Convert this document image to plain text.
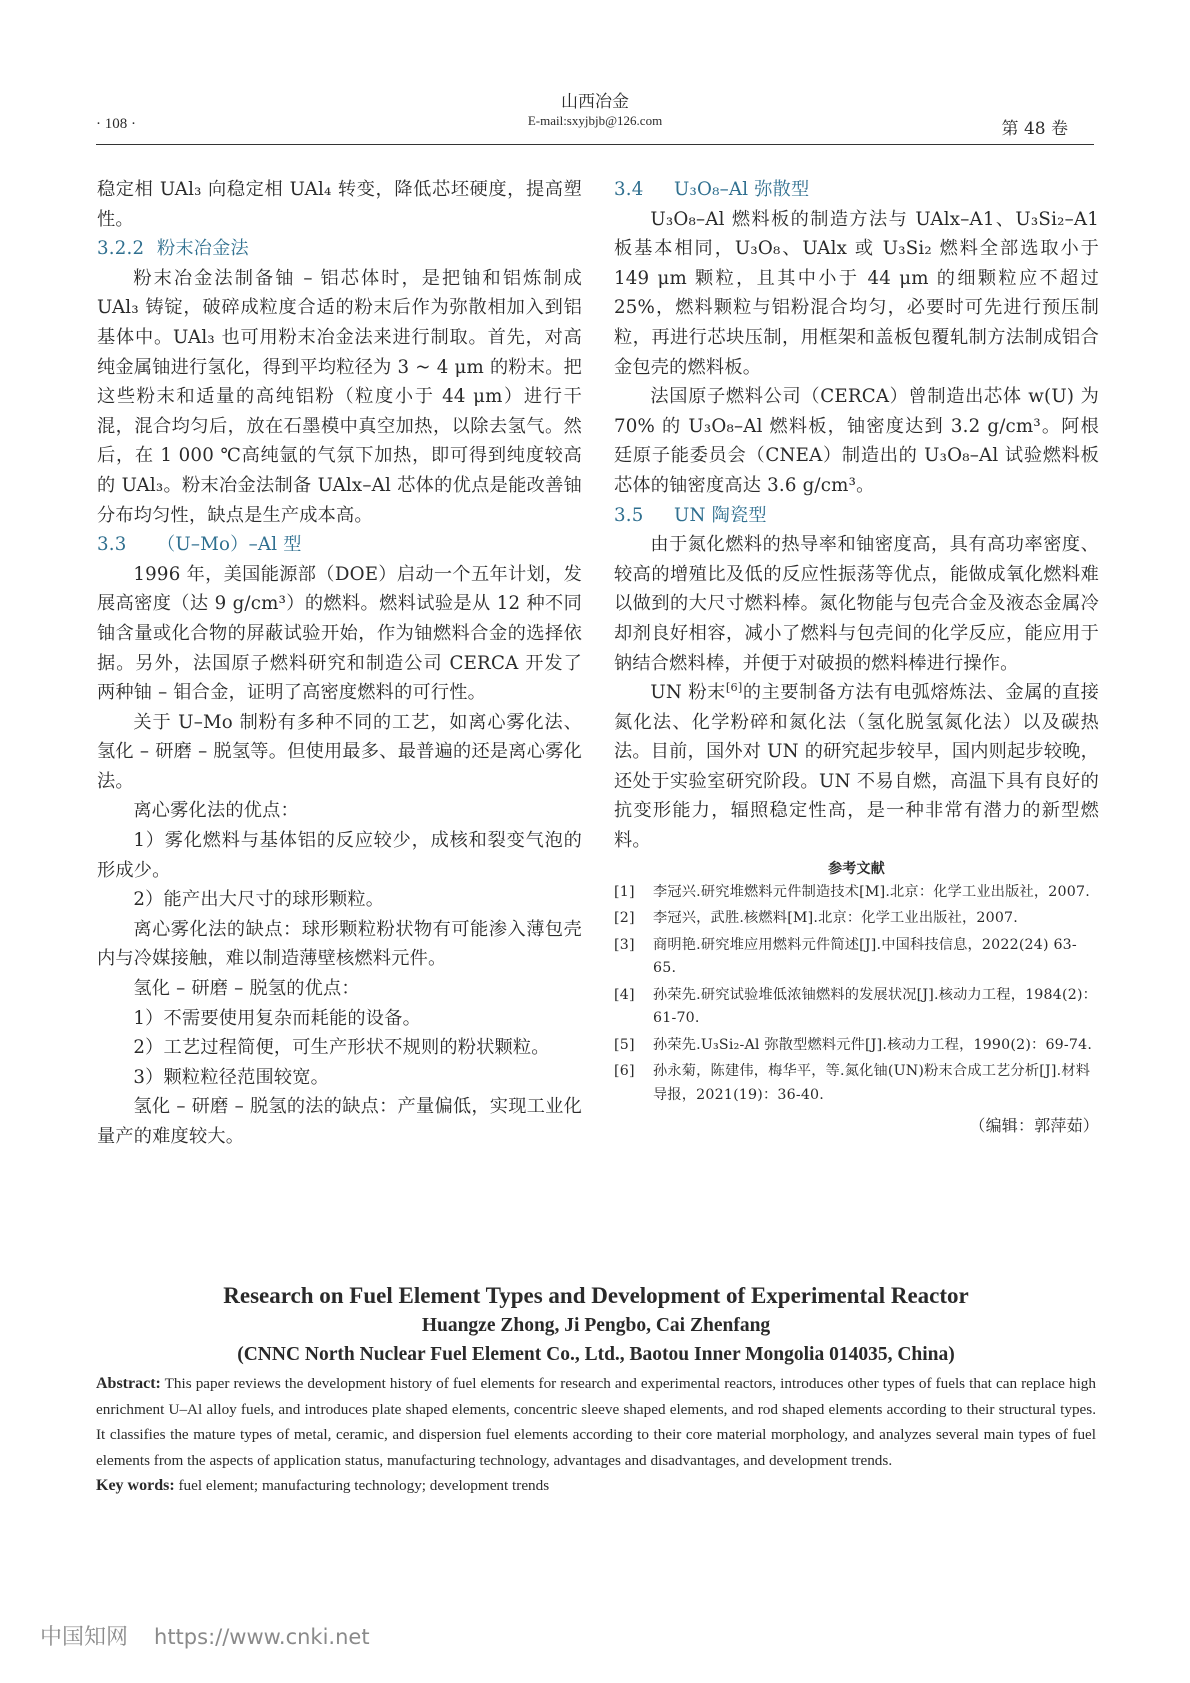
· 108 ·
山西冶金
E-mail:sxyjbjb@126.com	第 48 卷

稳定相 UAl₃ 向稳定相 UAl₄ 转变，降低芯坯硬度，提高塑性。

3.2.2 粉末冶金法

粉末冶金法制备铀 – 铝芯体时，是把铀和铝炼制成 UAl₃ 铸锭，破碎成粒度合适的粉末后作为弥散相加入到铝基体中。UAl₃ 也可用粉末冶金法来进行制取。首先，对高纯金属铀进行氢化，得到平均粒径为 3 ~ 4 μm 的粉末。把这些粉末和适量的高纯铝粉（粒度小于 44 μm）进行干混，混合均匀后，放在石墨模中真空加热，以除去氢气。然后，在 1 000 ℃高纯氩的气氛下加热，即可得到纯度较高的 UAl₃。粉末冶金法制备 UAlx–Al 芯体的优点是能改善铀分布均匀性，缺点是生产成本高。

3.3 （U–Mo）–Al 型

1996 年，美国能源部（DOE）启动一个五年计划，发展高密度（达 9 g/cm³）的燃料。燃料试验是从 12 种不同铀含量或化合物的屏蔽试验开始，作为铀燃料合金的选择依据。另外，法国原子燃料研究和制造公司 CERCA 开发了两种铀 – 钼合金，证明了高密度燃料的可行性。

关于 U–Mo 制粉有多种不同的工艺，如离心雾化法、氢化 – 研磨 – 脱氢等。但使用最多、最普遍的还是离心雾化法。

离心雾化法的优点：

1）雾化燃料与基体铝的反应较少，成核和裂变气泡的形成少。

2）能产出大尺寸的球形颗粒。

离心雾化法的缺点：球形颗粒粉状物有可能渗入薄包壳内与冷媒接触，难以制造薄壁核燃料元件。

氢化 – 研磨 – 脱氢的优点：

1）不需要使用复杂而耗能的设备。

2）工艺过程简便，可生产形状不规则的粉状颗粒。

3）颗粒粒径范围较宽。

氢化 – 研磨 – 脱氢的法的缺点：产量偏低，实现工业化量产的难度较大。

3.4 U₃O₈–Al 弥散型

U₃O₈–Al 燃料板的制造方法与 UAlx–A1、U₃Si₂–A1 板基本相同，U₃O₈、UAlx 或 U₃Si₂ 燃料全部选取小于 149 μm 颗粒，且其中小于 44 μm 的细颗粒应不超过 25%，燃料颗粒与铝粉混合均匀，必要时可先进行预压制粒，再进行芯块压制，用框架和盖板包覆轧制方法制成铝合金包壳的燃料板。

法国原子燃料公司（CERCA）曾制造出芯体 w(U) 为 70% 的 U₃O₈–Al 燃料板，铀密度达到 3.2 g/cm³。阿根廷原子能委员会（CNEA）制造出的 U₃O₈–Al 试验燃料板芯体的铀密度高达 3.6 g/cm³。

3.5 UN 陶瓷型

由于氮化燃料的热导率和铀密度高，具有高功率密度、较高的增殖比及低的反应性振荡等优点，能做成氧化燃料难以做到的大尺寸燃料棒。氮化物能与包壳合金及液态金属冷却剂良好相容，减小了燃料与包壳间的化学反应，能应用于钠结合燃料棒，并便于对破损的燃料棒进行操作。

UN 粉末[6]的主要制备方法有电弧熔炼法、金属的直接氮化法、化学粉碎和氮化法（氢化脱氢氮化法）以及碳热法。目前，国外对 UN 的研究起步较早，国内则起步较晚，还处于实验室研究阶段。UN 不易自燃，高温下具有良好的抗变形能力，辐照稳定性高，是一种非常有潜力的新型燃料。

参考文献
[1]	李冠兴.研究堆燃料元件制造技术[M].北京：化学工业出版社，2007.
[2]	李冠兴，武胜.核燃料[M].北京：化学工业出版社，2007.
[3]	商明艳.研究堆应用燃料元件简述[J].中国科技信息，2022(24) 63-65.
[4]	孙荣先.研究试验堆低浓铀燃料的发展状况[J].核动力工程，1984(2)：61-70.
[5]	孙荣先.U₃Si₂-Al 弥散型燃料元件[J].核动力工程，1990(2)：69-74.
[6]	孙永菊，陈建伟，梅华平，等.氮化铀(UN)粉末合成工艺分析[J].材料导报，2021(19)：36-40.
（编辑：郭萍茹）
Research on Fuel Element Types and Development of Experimental Reactor
Huangze Zhong, Ji Pengbo, Cai Zhenfang
(CNNC North Nuclear Fuel Element Co., Ltd., Baotou Inner Mongolia 014035, China)
Abstract: This paper reviews the development history of fuel elements for research and experimental reactors, introduces other types of fuels that can replace high enrichment U–Al alloy fuels, and introduces plate shaped elements, concentric sleeve shaped elements, and rod shaped elements according to their structural types. It classifies the mature types of metal, ceramic, and dispersion fuel elements according to their core material morphology, and analyzes several main types of fuel elements from the aspects of application status, manufacturing technology, advantages and disadvantages, and development trends.
Key words: fuel element; manufacturing technology; development trends
中国知网 https://www.cnki.net
